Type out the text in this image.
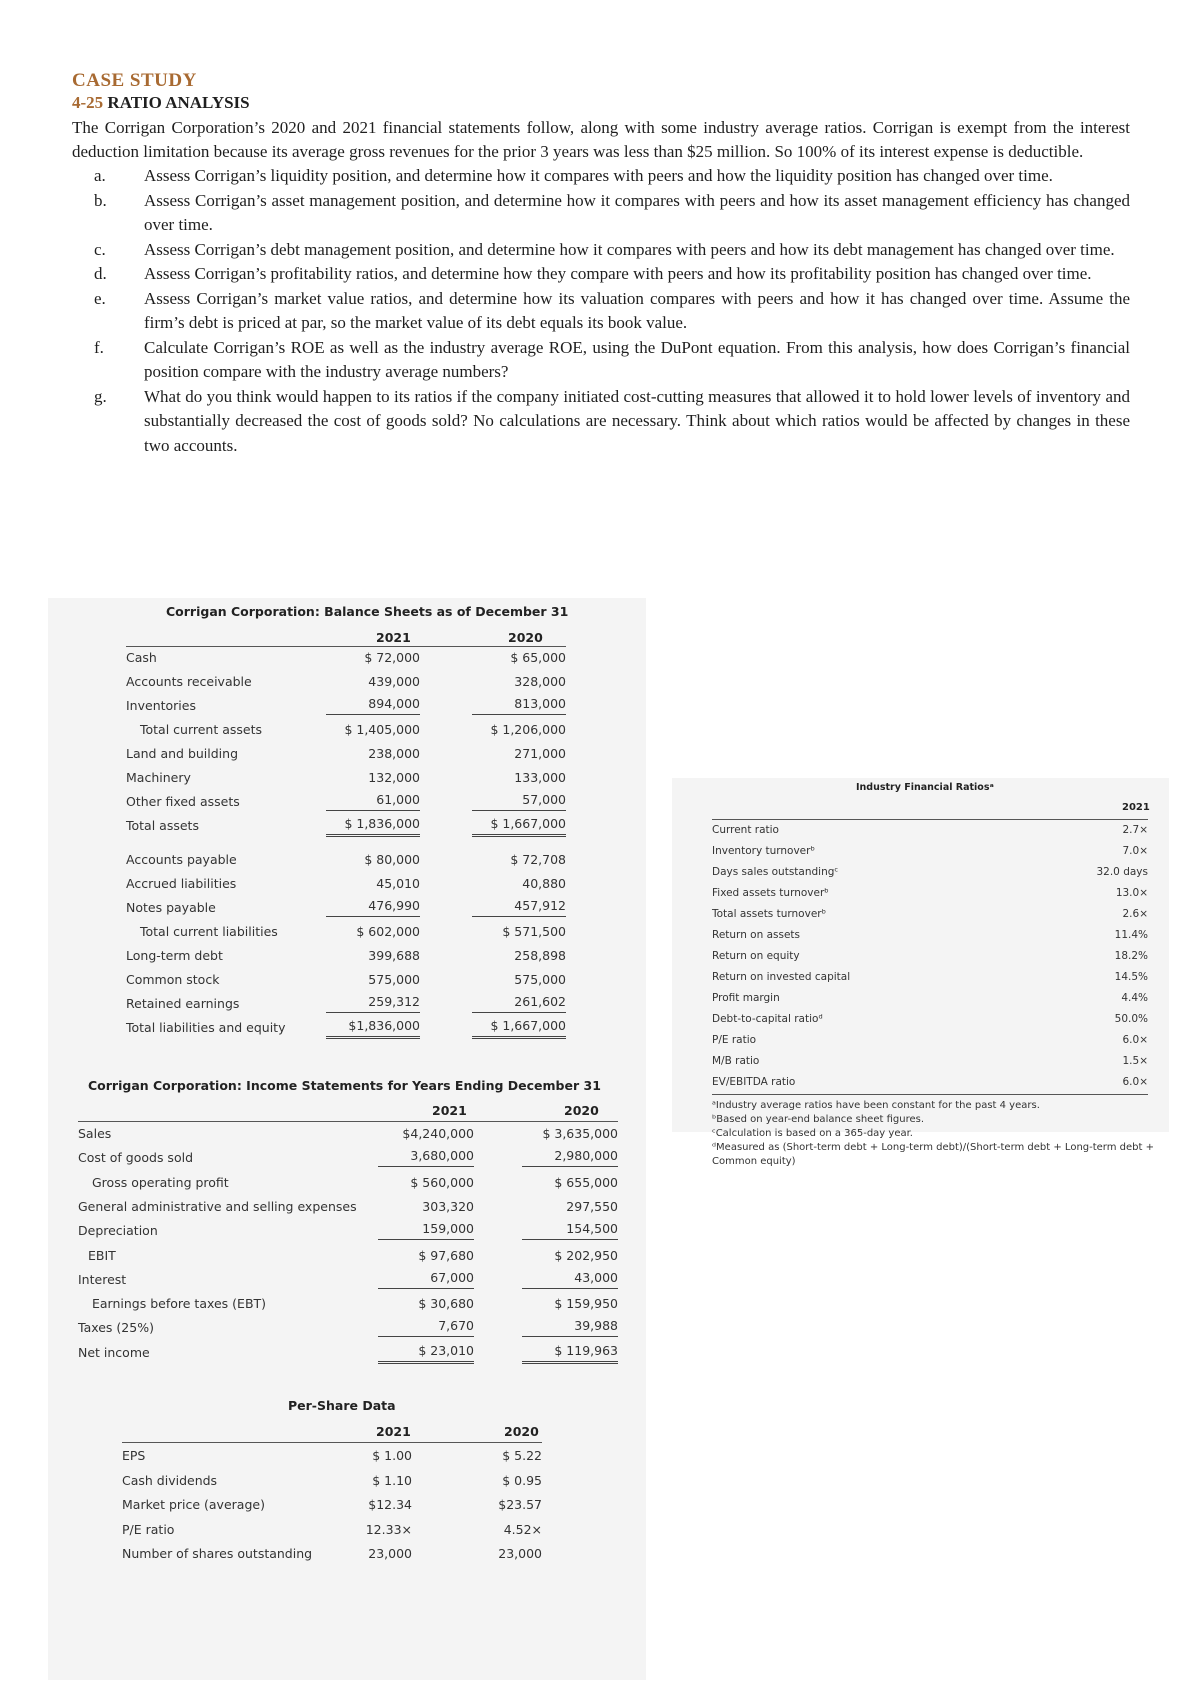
CASE STUDY
4-25 RATIO ANALYSIS

The Corrigan Corporation’s 2020 and 2021 financial statements follow, along with some industry average ratios. Corrigan is exempt from the interest deduction limitation because its average gross revenues for the prior 3 years was less than $25 million. So 100% of its interest expense is deductible.

a.	Assess Corrigan’s liquidity position, and determine how it compares with peers and how the liquidity position has changed over time.
b.	Assess Corrigan’s asset management position, and determine how it compares with peers and how its asset management efficiency has changed over time.
c.	Assess Corrigan’s debt management position, and determine how it compares with peers and how its debt management has changed over time.
d.	Assess Corrigan’s profitability ratios, and determine how they compare with peers and how its profitability position has changed over time.
e.	Assess Corrigan’s market value ratios, and determine how its valuation compares with peers and how it has changed over time. Assume the firm’s debt is priced at par, so the market value of its debt equals its book value.
f.	Calculate Corrigan’s ROE as well as the industry average ROE, using the DuPont equation. From this analysis, how does Corrigan’s financial position compare with the industry average numbers?
g.	What do you think would happen to its ratios if the company initiated cost-cutting measures that allowed it to hold lower levels of inventory and substantially decreased the cost of goods sold? No calculations are necessary. Think about which ratios would be affected by changes in these two accounts.
Corrigan Corporation: Balance Sheets as of December 31
2021	2020
Cash	$ 72,000	$ 65,000
Accounts receivable	439,000	328,000
Inventories	894,000	813,000
Total current assets	$ 1,405,000	$ 1,206,000
Land and building	238,000	271,000
Machinery	132,000	133,000
Other fixed assets	61,000	57,000
Total assets	$ 1,836,000	$ 1,667,000
Accounts payable	$ 80,000	$ 72,708
Accrued liabilities	45,010	40,880
Notes payable	476,990	457,912
Total current liabilities	$ 602,000	$ 571,500
Long-term debt	399,688	258,898
Common stock	575,000	575,000
Retained earnings	259,312	261,602
Total liabilities and equity	$1,836,000	$ 1,667,000
Corrigan Corporation: Income Statements for Years Ending December 31
2021	2020
Sales	$4,240,000	$ 3,635,000
Cost of goods sold	3,680,000	2,980,000
Gross operating profit	$ 560,000	$ 655,000
General administrative and selling expenses	303,320	297,550
Depreciation	159,000	154,500
EBIT	$ 97,680	$ 202,950
Interest	67,000	43,000
Earnings before taxes (EBT)	$ 30,680	$ 159,950
Taxes (25%)	7,670	39,988
Net income	$ 23,010	$ 119,963
Per-Share Data
2021	2020
EPS	$ 1.00	$ 5.22
Cash dividends	$ 1.10	$ 0.95
Market price (average)	$12.34	$23.57
P/E ratio	12.33×	4.52×
Number of shares outstanding	23,000	23,000
Industry Financial Ratiosᵃ
2021
Current ratio	2.7×
Inventory turnoverᵇ	7.0×
Days sales outstandingᶜ	32.0 days
Fixed assets turnoverᵇ	13.0×
Total assets turnoverᵇ	2.6×
Return on assets	11.4%
Return on equity	18.2%
Return on invested capital	14.5%
Profit margin	4.4%
Debt-to-capital ratioᵈ	50.0%
P/E ratio	6.0×
M/B ratio	1.5×
EV/EBITDA ratio	6.0×
ᵃIndustry average ratios have been constant for the past 4 years.
ᵇBased on year-end balance sheet figures.
ᶜCalculation is based on a 365-day year.
ᵈMeasured as (Short-term debt + Long-term debt)/(Short-term debt + Long-term debt + Common equity)
